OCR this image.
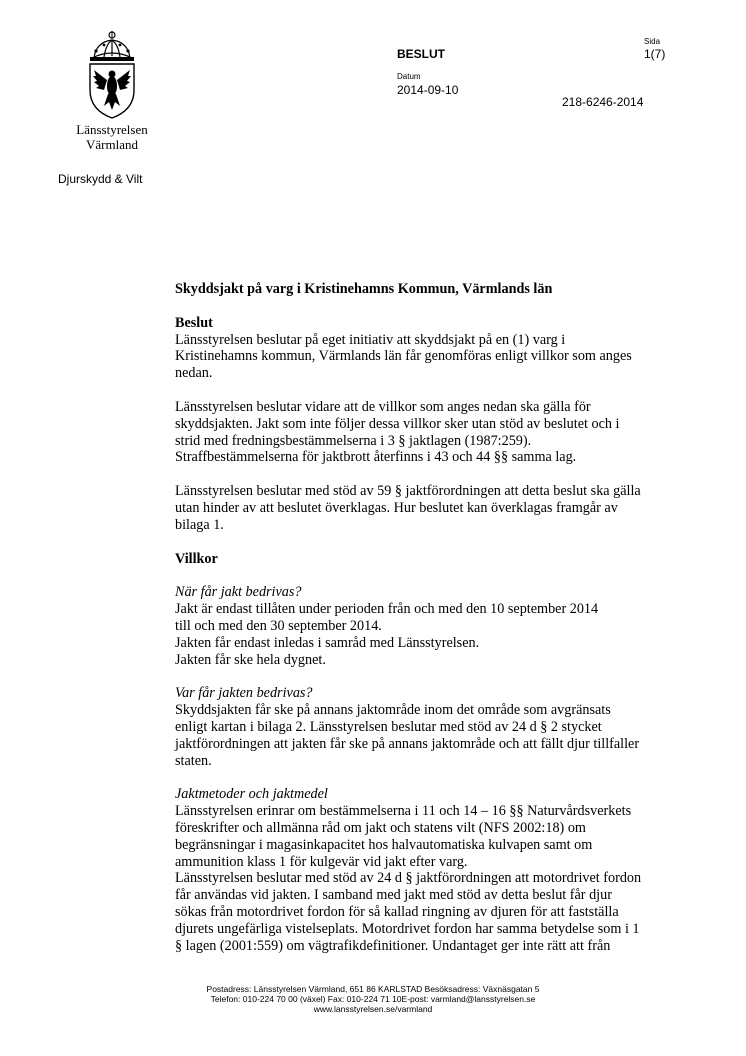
Länsstyrelsen
Värmland
Djurskydd & Vilt
BESLUT
Datum
2014-09-10
Sida
1(7)
218-6246-2014

Skyddsjakt på varg i Kristinehamns Kommun, Värmlands län

Beslut

Länsstyrelsen beslutar på eget initiativ att skyddsjakt på en (1) varg i

Kristinehamns kommun, Värmlands län får genomföras enligt villkor som anges

nedan.

Länsstyrelsen beslutar vidare att de villkor som anges nedan ska gälla för

skyddsjakten. Jakt som inte följer dessa villkor sker utan stöd av beslutet och i

strid med fredningsbestämmelserna i 3 § jaktlagen (1987:259).

Straffbestämmelserna för jaktbrott återfinns i 43 och 44 §§ samma lag.

Länsstyrelsen beslutar med stöd av 59 § jaktförordningen att detta beslut ska gälla

utan hinder av att beslutet överklagas. Hur beslutet kan överklagas framgår av

bilaga 1.

Villkor

När får jakt bedrivas?

Jakt är endast tillåten under perioden från och med den 10 september 2014

till och med den 30 september 2014.

Jakten får endast inledas i samråd med Länsstyrelsen.

Jakten får ske hela dygnet.

Var får jakten bedrivas?

Skyddsjakten får ske på annans jaktområde inom det område som avgränsats

enligt kartan i bilaga 2. Länsstyrelsen beslutar med stöd av 24 d § 2 stycket

jaktförordningen att jakten får ske på annans jaktområde och att fällt djur tillfaller

staten.

Jaktmetoder och jaktmedel

Länsstyrelsen erinrar om bestämmelserna i 11 och 14 – 16 §§ Naturvårdsverkets

föreskrifter och allmänna råd om jakt och statens vilt (NFS 2002:18) om

begränsningar i magasinkapacitet hos halvautomatiska kulvapen samt om

ammunition klass 1 för kulgevär vid jakt efter varg.

Länsstyrelsen beslutar med stöd av 24 d § jaktförordningen att motordrivet fordon

får användas vid jakten. I samband med jakt med stöd av detta beslut får djur

sökas från motordrivet fordon för så kallad ringning av djuren för att fastställa

djurets ungefärliga vistelseplats. Motordrivet fordon har samma betydelse som i 1

§ lagen (2001:559) om vägtrafikdefinitioner. Undantaget ger inte rätt att från

Postadress: Länsstyrelsen Värmland, 651 86 KARLSTAD Besöksadress: Växnäsgatan 5
Telefon: 010-224 70 00 (växel) Fax: 010-224 71 10E-post: varmland@lansstyrelsen.se
www.lansstyrelsen.se/varmland
